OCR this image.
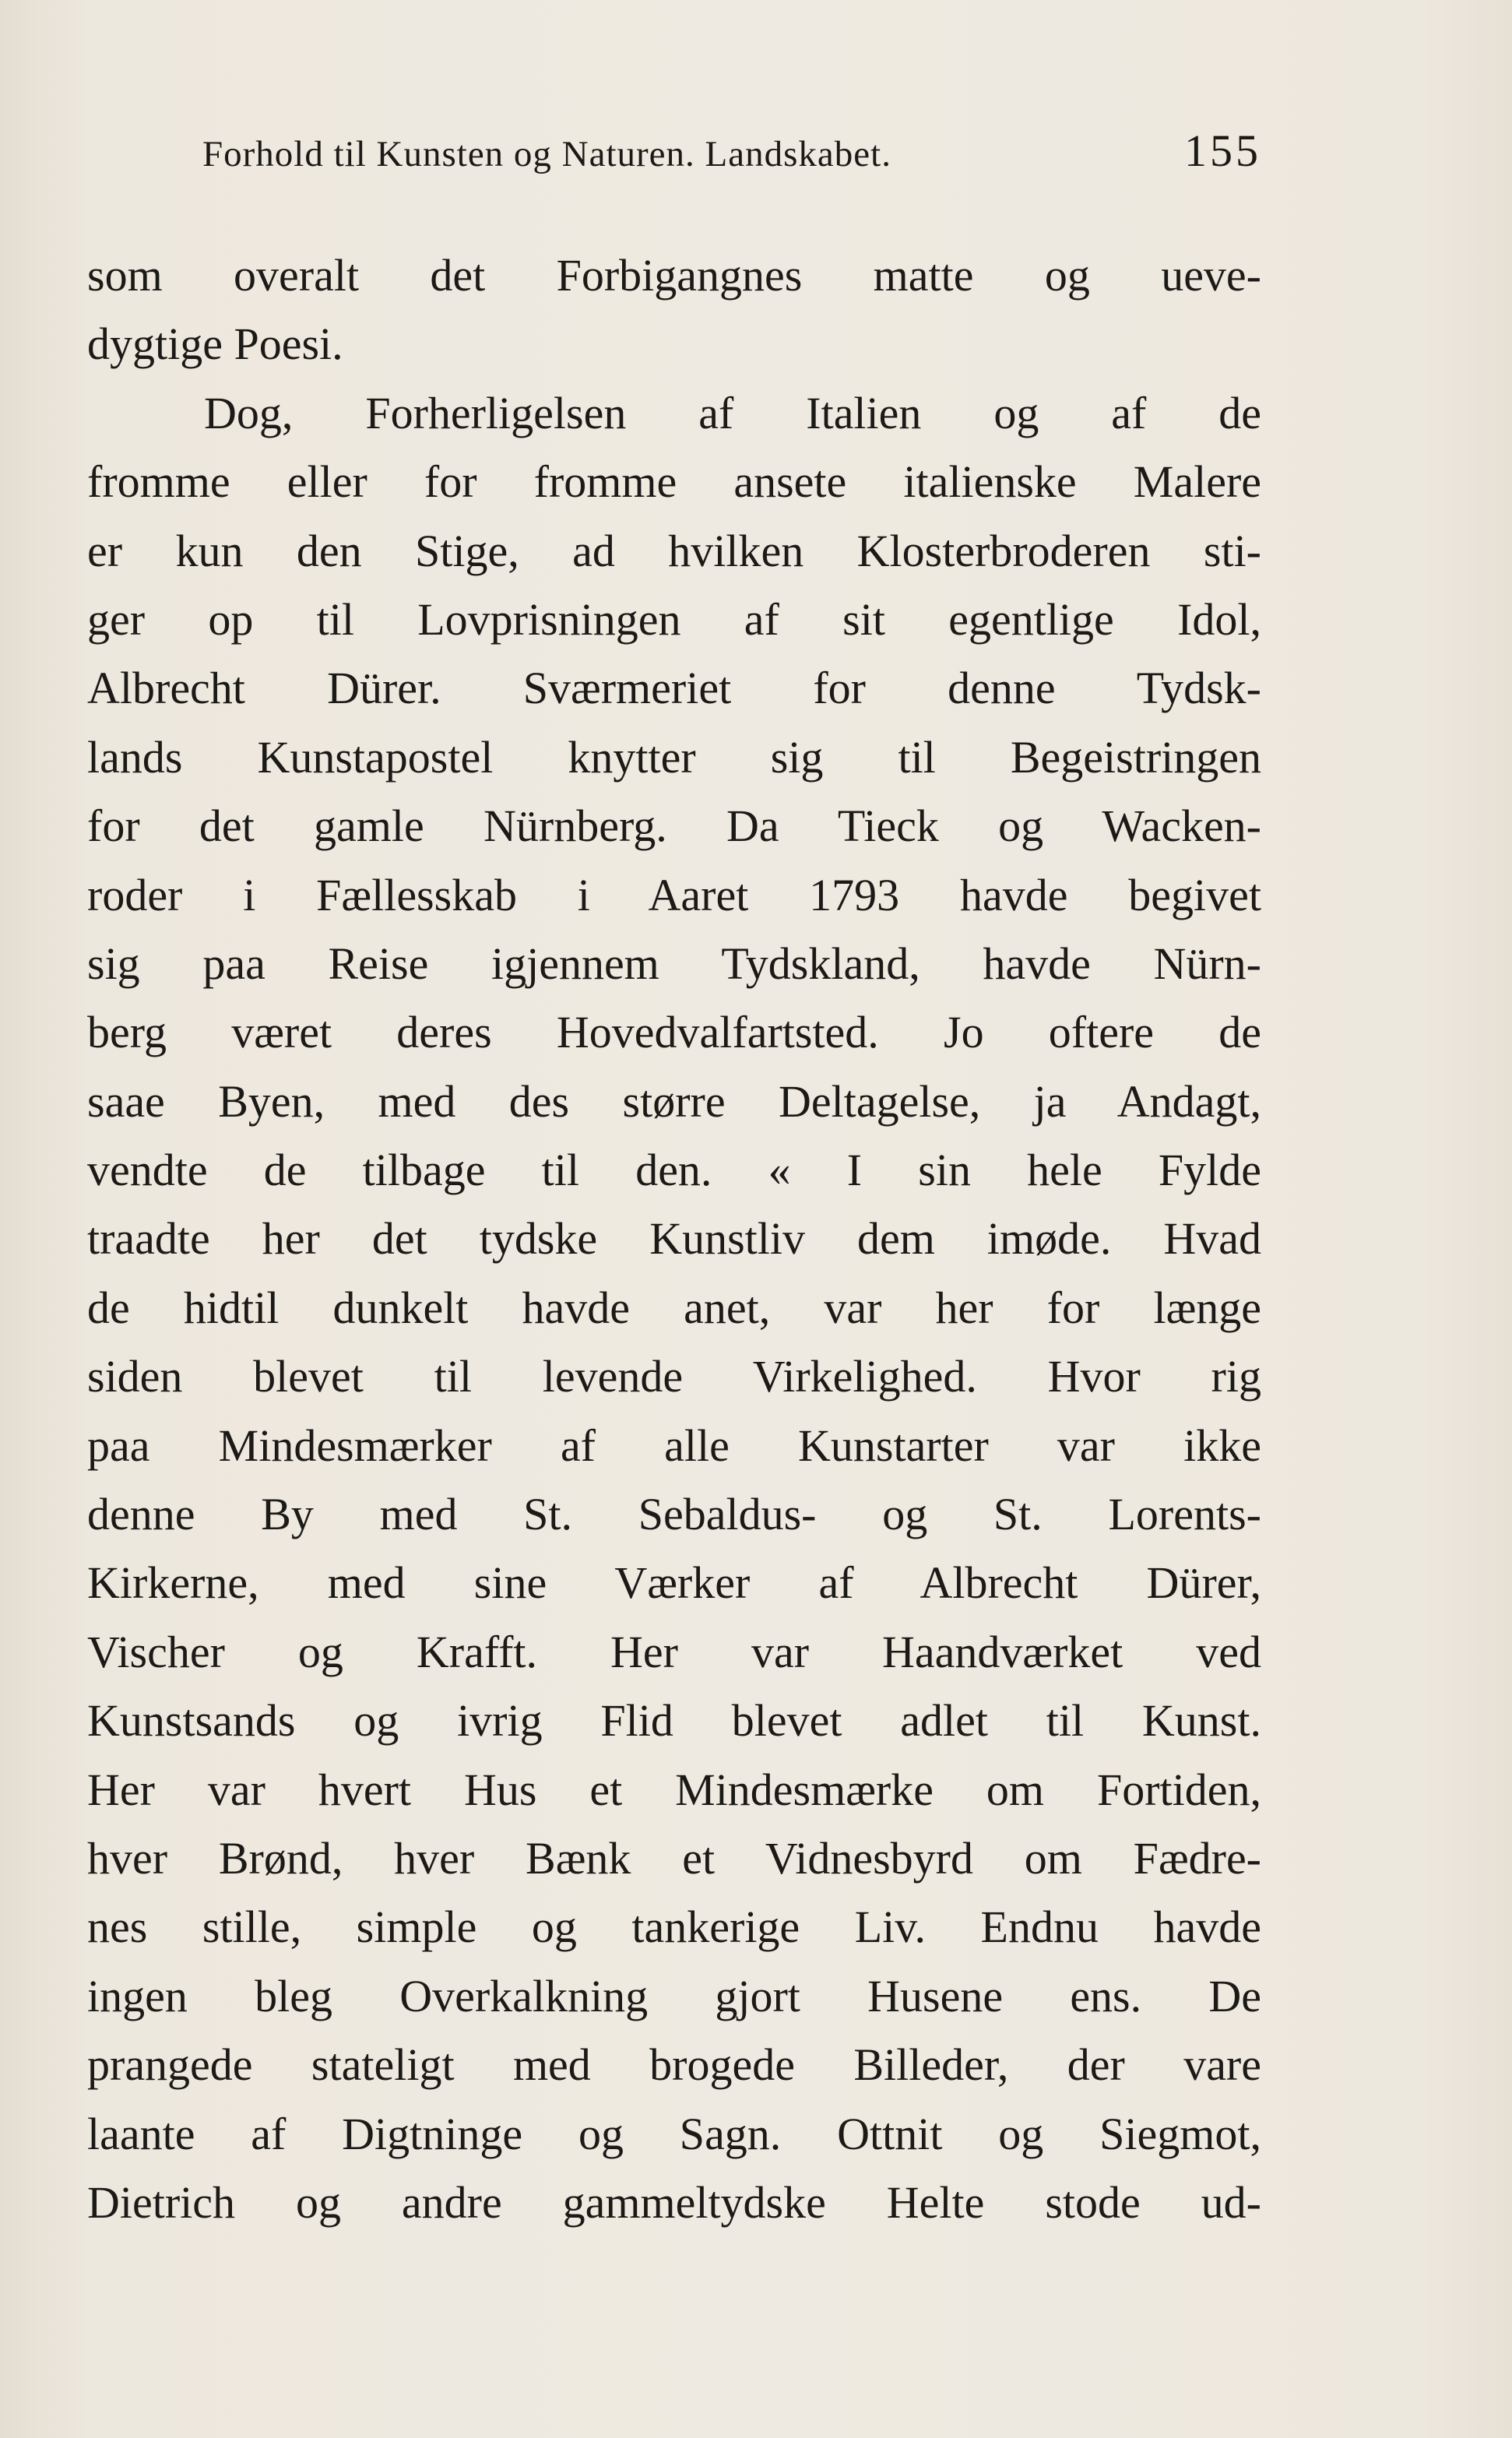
Forhold til Kunsten og Naturen. Landskabet.	155
som overalt det Forbigangnes matte og ueve-
dygtige Poesi.
Dog, Forherligelsen af Italien og af de
fromme eller for fromme ansete italienske Malere
er kun den Stige, ad hvilken Klosterbroderen sti-
ger op til Lovprisningen af sit egentlige Idol,
Albrecht Dürer. Sværmeriet for denne Tydsk-
lands Kunstapostel knytter sig til Begeistringen
for det gamle Nürnberg. Da Tieck og Wacken-
roder i Fællesskab i Aaret 1793 havde begivet
sig paa Reise igjennem Tydskland, havde Nürn-
berg været deres Hovedvalfartsted. Jo oftere de
saae Byen, med des større Deltagelse, ja Andagt,
vendte de tilbage til den. « I sin hele Fylde
traadte her det tydske Kunstliv dem imøde. Hvad
de hidtil dunkelt havde anet, var her for længe
siden blevet til levende Virkelighed. Hvor rig
paa Mindesmærker af alle Kunstarter var ikke
denne By med St. Sebaldus- og St. Lorents-
Kirkerne, med sine Værker af Albrecht Dürer,
Vischer og Krafft. Her var Haandværket ved
Kunstsands og ivrig Flid blevet adlet til Kunst.
Her var hvert Hus et Mindesmærke om Fortiden,
hver Brønd, hver Bænk et Vidnesbyrd om Fædre-
nes stille, simple og tankerige Liv. Endnu havde
ingen bleg Overkalkning gjort Husene ens. De
prangede stateligt med brogede Billeder, der vare
laante af Digtninge og Sagn. Ottnit og Siegmot,
Dietrich og andre gammeltydske Helte stode ud-
